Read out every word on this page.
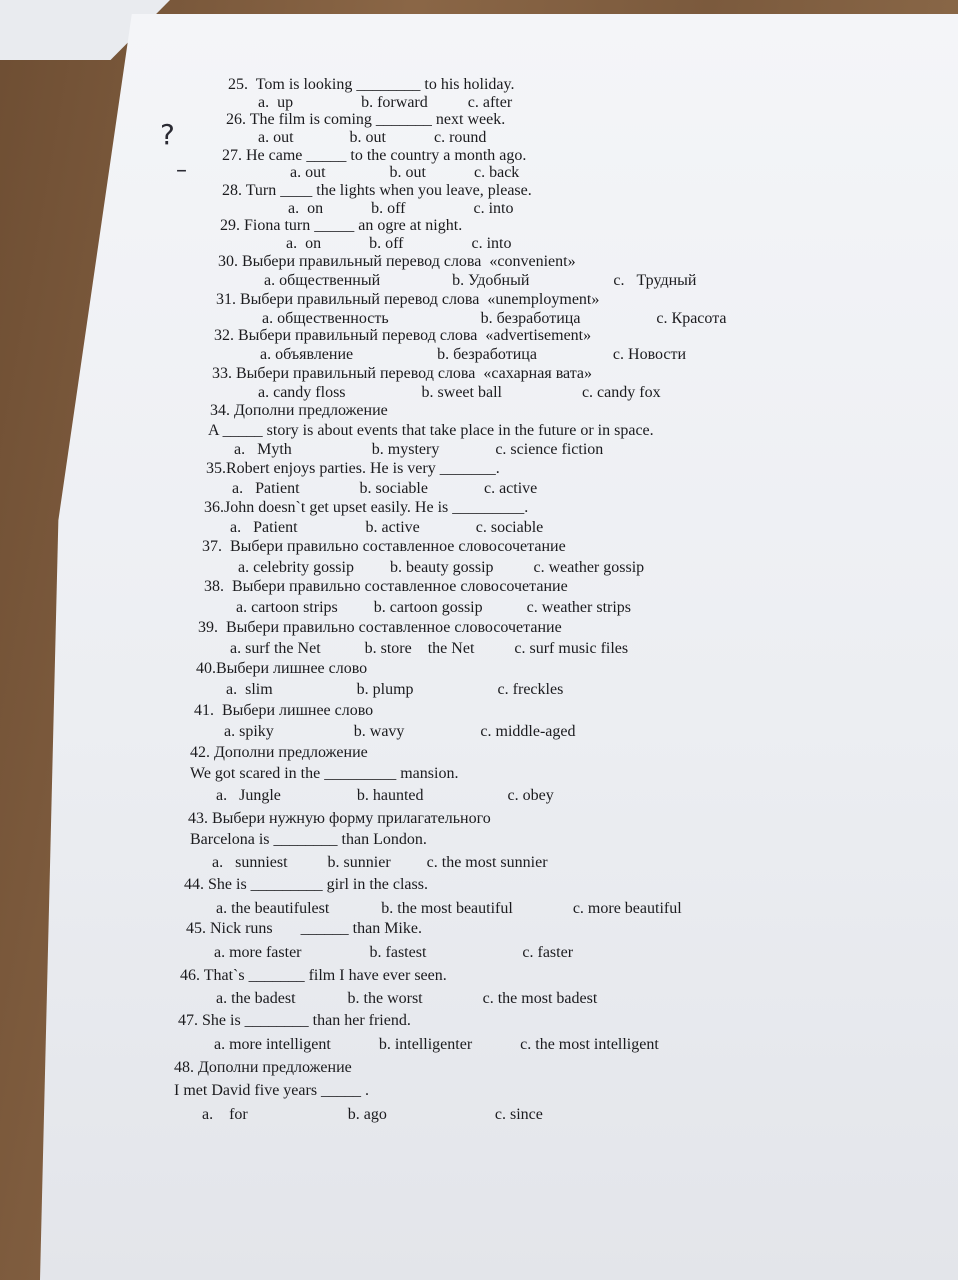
?
–

25.  Tom is looking ________ to his holiday.

a.  up                 b. forward          c. after

26. The film is coming _______ next week.

a. out              b. out            c. round

27. He came _____ to the country a month ago.

a. out                b. out            c. back

28. Turn ____ the lights when you leave, please.

a.  on            b. off                 c. into

29. Fiona turn _____ an ogre at night.

a.  on            b. off                 c. into

30. Выбери правильный перевод слова  «convenient»

a. общественный                  b. Удобный                     c.   Трудный

31. Выбери правильный перевод слова  «unemployment»

a. общественность                       b. безработица                   c. Красота

32. Выбери правильный перевод слова  «advertisement»

a. объявление                     b. безработица                   c. Новости

33. Выбери правильный перевод слова  «сахарная вата»

a. candy floss                   b. sweet ball                    c. candy fox

34. Дополни предложение

A _____ story is about events that take place in the future or in space.

a.   Myth                    b. mystery              c. science fiction

35.Robert enjoys parties. He is very _______.

a.   Patient               b. sociable              c. active

36.John doesn`t get upset easily. He is _________.

a.   Patient                 b. active              c. sociable

37.  Выбери правильно составленное словосочетание

a. celebrity gossip         b. beauty gossip          c. weather gossip

38.  Выбери правильно составленное словосочетание

a. cartoon strips         b. cartoon gossip           c. weather strips

39.  Выбери правильно составленное словосочетание

a. surf the Net           b. store    the Net          c. surf music files

40.Выбери лишнее слово

a.  slim                     b. plump                     c. freckles

41.  Выбери лишнее слово

a. spiky                    b. wavy                   c. middle-aged

42. Дополни предложение

We got scared in the _________ mansion.

a.   Jungle                   b. haunted                     c. obey

43. Выбери нужную форму прилагательного

Barcelona is ________ than London.

a.   sunniest          b. sunnier         c. the most sunnier

44. She is _________ girl in the class.

a. the beautifulest             b. the most beautiful               c. more beautiful

45. Nick runs       ______ than Mike.

a. more faster                 b. fastest                        c. faster

46. That`s _______ film I have ever seen.

a. the badest             b. the worst               c. the most badest

47. She is ________ than her friend.

a. more intelligent            b. intelligenter            c. the most intelligent

48. Дополни предложение

I met David five years _____ .

a.    for                         b. ago                           c. since
